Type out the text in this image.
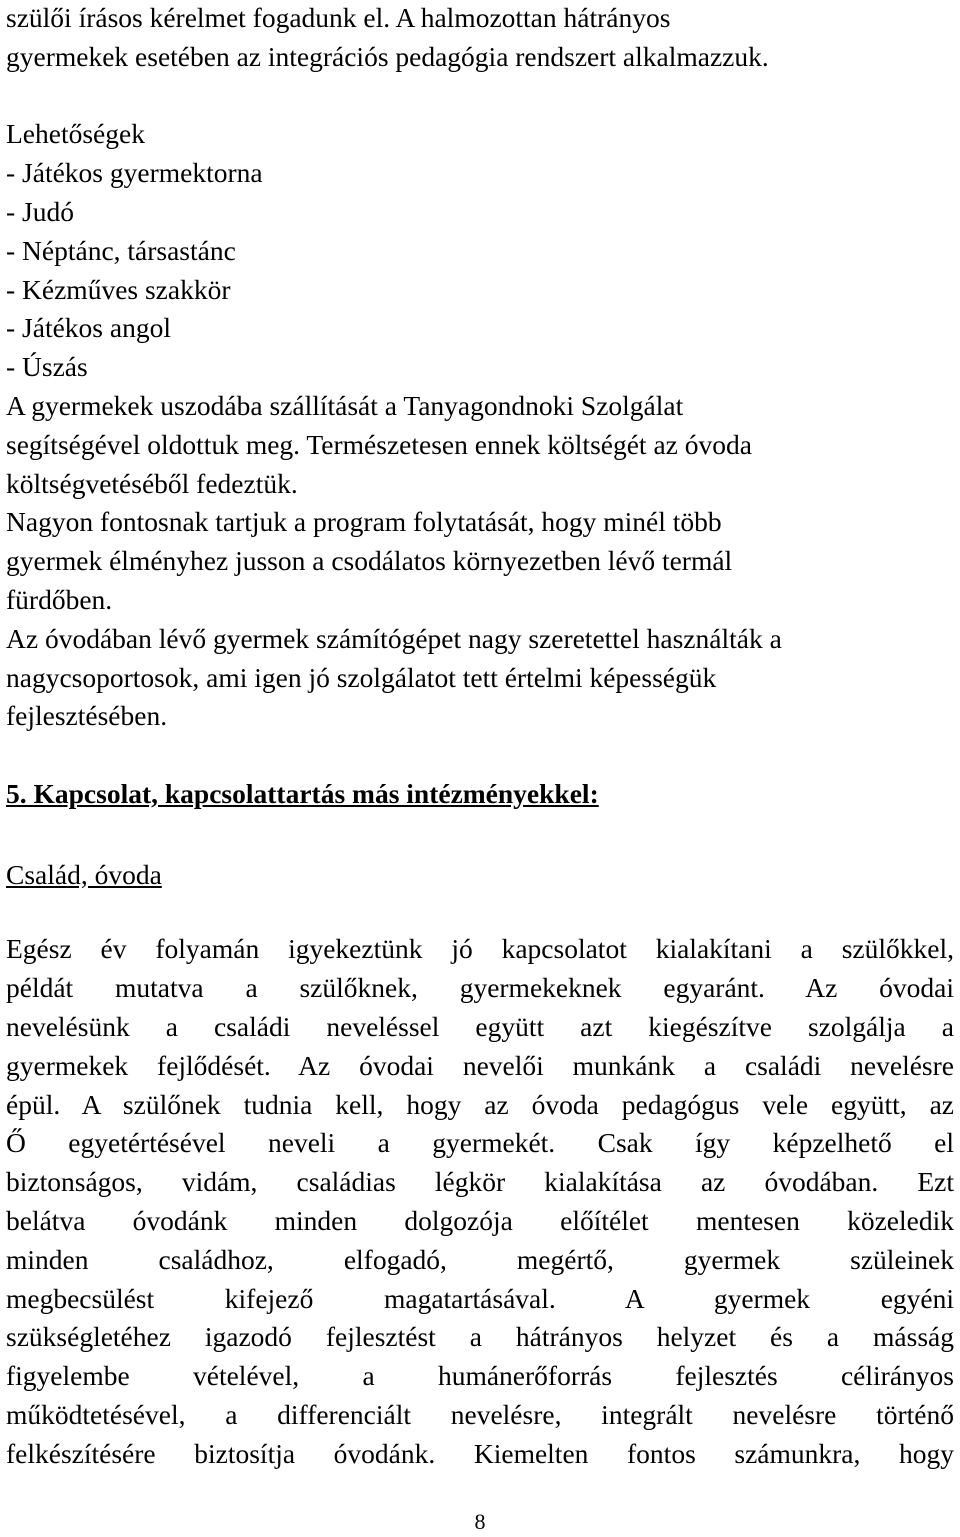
szülői írásos kérelmet fogadunk el. A halmozottan hátrányos
gyermekek esetében az integrációs pedagógia rendszert alkalmazzuk.
Lehetőségek
- Játékos gyermektorna
- Judó
- Néptánc, társastánc
- Kézműves szakkör
- Játékos angol
- Úszás
A gyermekek uszodába szállítását a Tanyagondnoki Szolgálat
segítségével oldottuk meg. Természetesen ennek költségét az óvoda
költségvetéséből fedeztük.
Nagyon fontosnak tartjuk a program folytatását, hogy minél több
gyermek élményhez jusson a csodálatos környezetben lévő termál
fürdőben.
Az óvodában lévő gyermek számítógépet nagy szeretettel használták a
nagycsoportosok, ami igen jó szolgálatot tett értelmi képességük
fejlesztésében.
5. Kapcsolat, kapcsolattartás más intézményekkel:
Család, óvoda
Egész év folyamán igyekeztünk jó kapcsolatot kialakítani a szülőkkel,
példát mutatva a szülőknek, gyermekeknek egyaránt. Az óvodai
nevelésünk a családi neveléssel együtt azt kiegészítve szolgálja a
gyermekek fejlődését. Az óvodai nevelői munkánk a családi nevelésre
épül. A szülőnek tudnia kell, hogy az óvoda pedagógus vele együtt, az
Ő egyetértésével neveli a gyermekét. Csak így képzelhető el
biztonságos, vidám, családias légkör kialakítása az óvodában. Ezt
belátva óvodánk minden dolgozója előítélet mentesen közeledik
minden családhoz, elfogadó, megértő, gyermek szüleinek
megbecsülést kifejező magatartásával. A gyermek egyéni
szükségletéhez igazodó fejlesztést a hátrányos helyzet és a másság
figyelembe vételével, a humánerőforrás fejlesztés célirányos
működtetésével, a differenciált nevelésre, integrált nevelésre történő
felkészítésére biztosítja óvodánk. Kiemelten fontos számunkra, hogy
8
